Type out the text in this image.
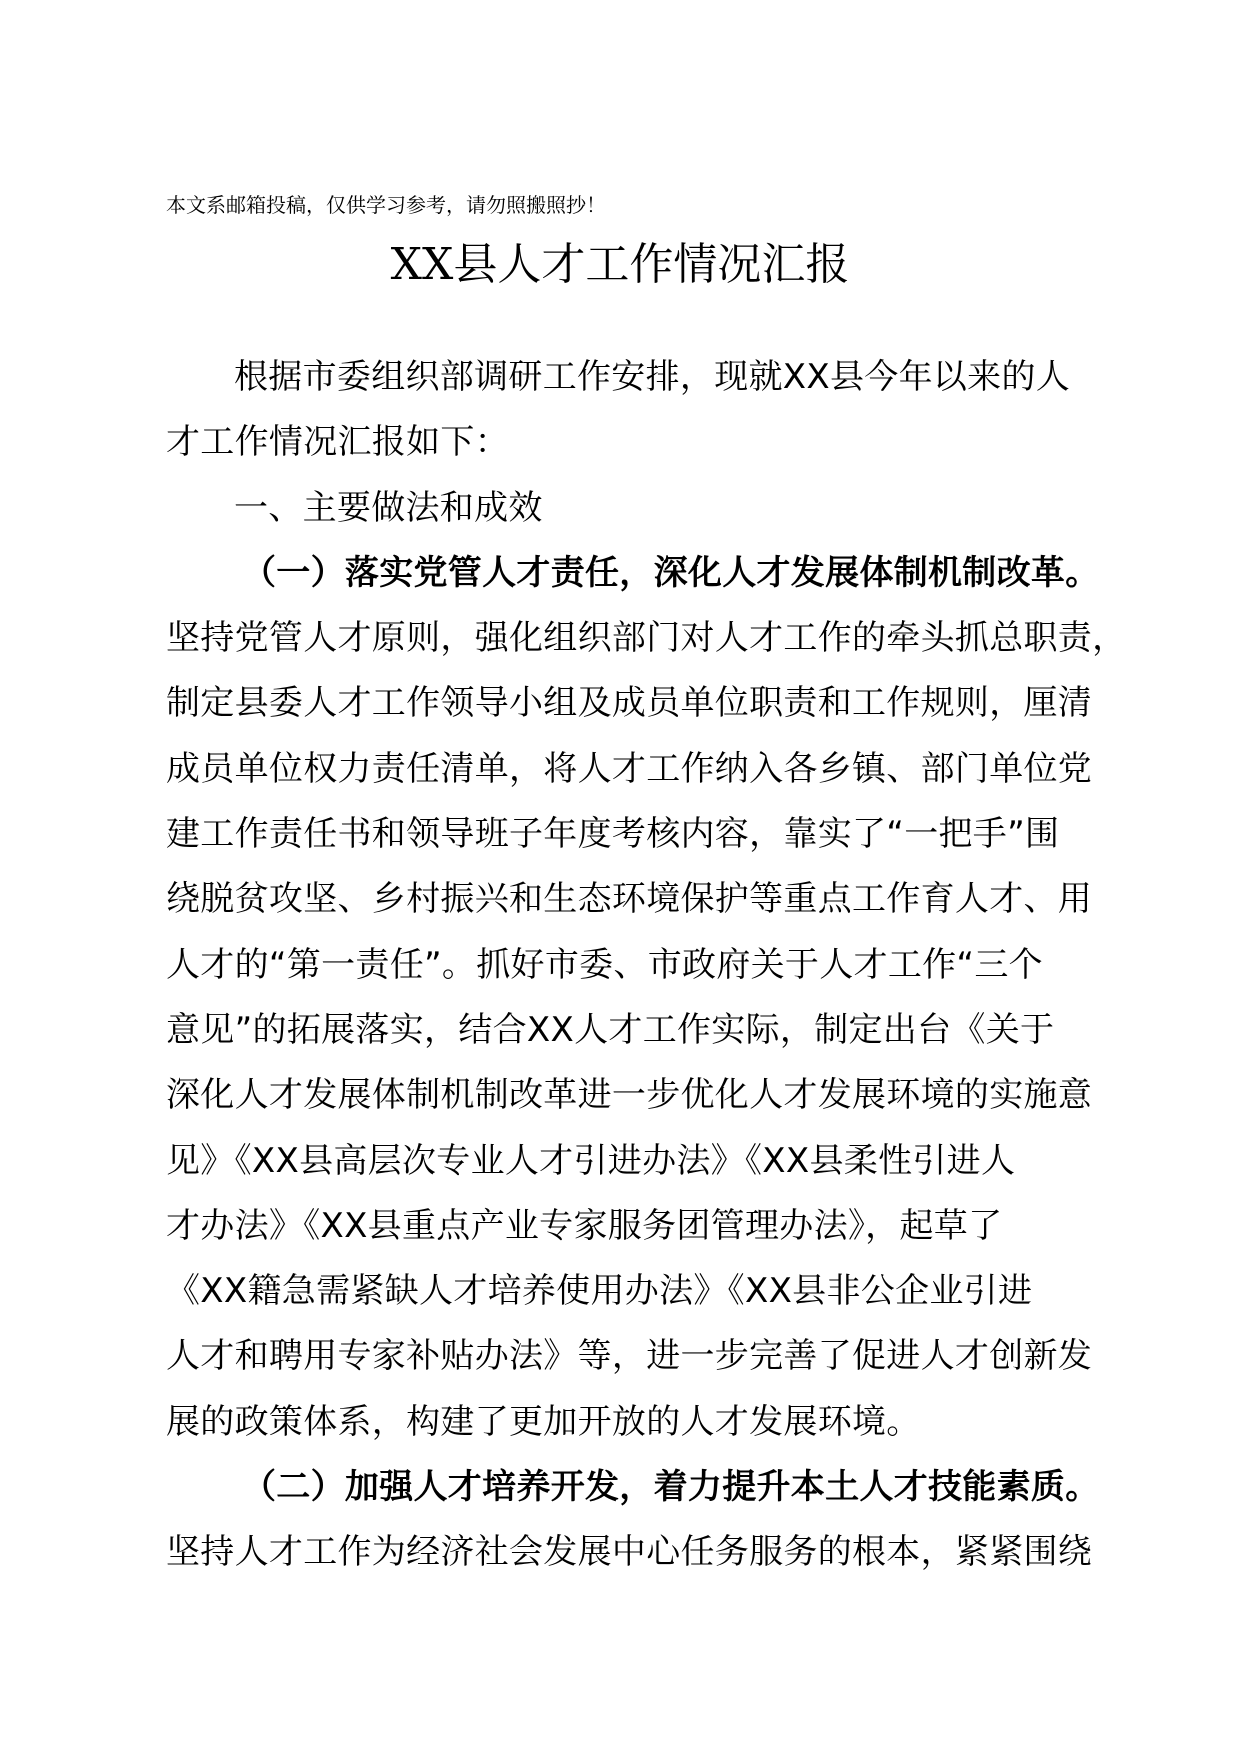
本文系邮箱投稿，仅供学习参考，请勿照搬照抄！
XX县人才工作情况汇报
根据市委组织部调研工作安排，现就XX县今年以来的人
才工作情况汇报如下：
一、主要做法和成效
（一）落实党管人才责任，深化人才发展体制机制改革。
坚持党管人才原则，强化组织部门对人才工作的牵头抓总职责，
制定县委人才工作领导小组及成员单位职责和工作规则，厘清
成员单位权力责任清单，将人才工作纳入各乡镇、部门单位党
建工作责任书和领导班子年度考核内容，靠实了“一把手”围
绕脱贫攻坚、乡村振兴和生态环境保护等重点工作育人才、用
人才的“第一责任”。抓好市委、市政府关于人才工作“三个
意见”的拓展落实，结合XX人才工作实际，制定出台《关于
深化人才发展体制机制改革进一步优化人才发展环境的实施意
见》《XX县高层次专业人才引进办法》《XX县柔性引进人
才办法》《XX县重点产业专家服务团管理办法》，起草了
《XX籍急需紧缺人才培养使用办法》《XX县非公企业引进
人才和聘用专家补贴办法》等，进一步完善了促进人才创新发
展的政策体系，构建了更加开放的人才发展环境。
（二）加强人才培养开发，着力提升本土人才技能素质。
坚持人才工作为经济社会发展中心任务服务的根本，紧紧围绕
